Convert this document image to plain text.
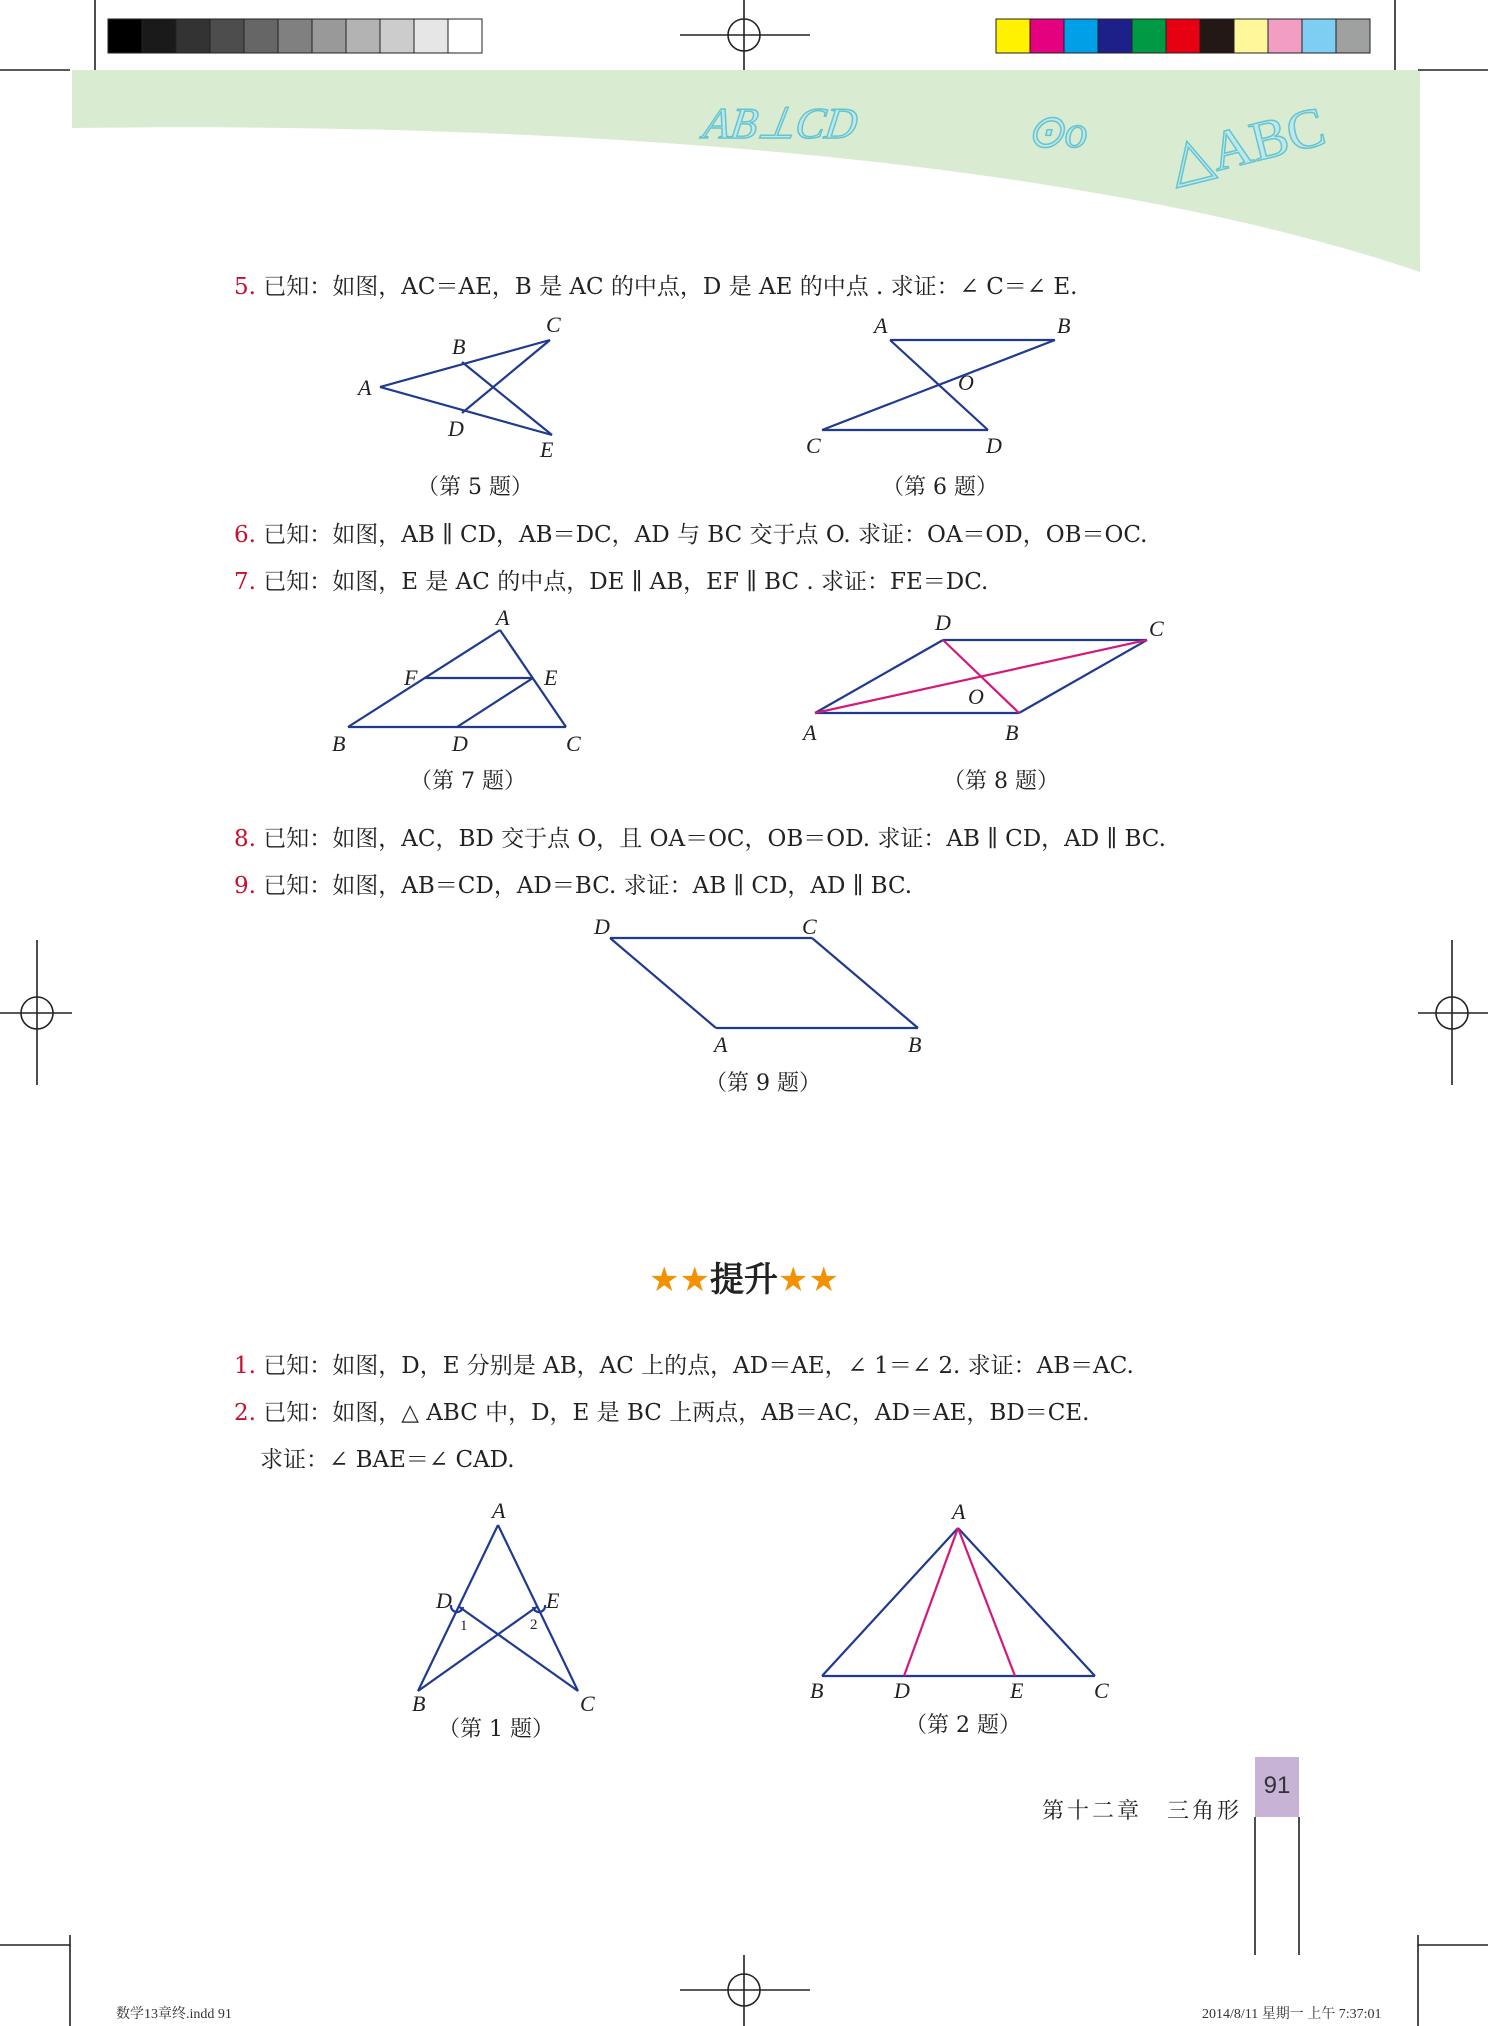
AB⊥CD	⊙o △ABC
5. 已知：如图，AC＝AE，B 是 AC 的中点，D 是 AE 的中点 . 求证：∠ C＝∠ E.
A
B
C
D
E
（第 5 题）
A	B
C	D
O
（第 6 题）
6. 已知：如图，AB ∥ CD，AB＝DC，AD 与 BC 交于点 O. 求证：OA＝OD，OB＝OC.
7. 已知：如图，E 是 AC 的中点，DE ∥ AB，EF ∥ BC . 求证：FE＝DC.
A
F	E
B	D	C
（第 7 题）
D	C
O
A	B
（第 8 题）
8. 已知：如图，AC，BD 交于点 O，且 OA＝OC，OB＝OD. 求证：AB ∥ CD，AD ∥ BC.
9. 已知：如图，AB＝CD，AD＝BC. 求证：AB ∥ CD，AD ∥ BC.
D	C
A	B
（第 9 题）
★★提升★★
1. 已知：如图，D，E 分别是 AB，AC 上的点，AD＝AE，∠ 1＝∠ 2. 求证：AB＝AC.
2. 已知：如图，△ ABC 中，D，E 是 BC 上两点，AB＝AC，AD＝AE，BD＝CE.
求证：∠ BAE＝∠ CAD.
A
D	E
1	2
B	C
（第 1 题）
A
B	D	E	C
（第 2 题）
第十二章　三角形
91
数学13章终.indd 91	2014/8/11 星期一 上午 7:37:01
